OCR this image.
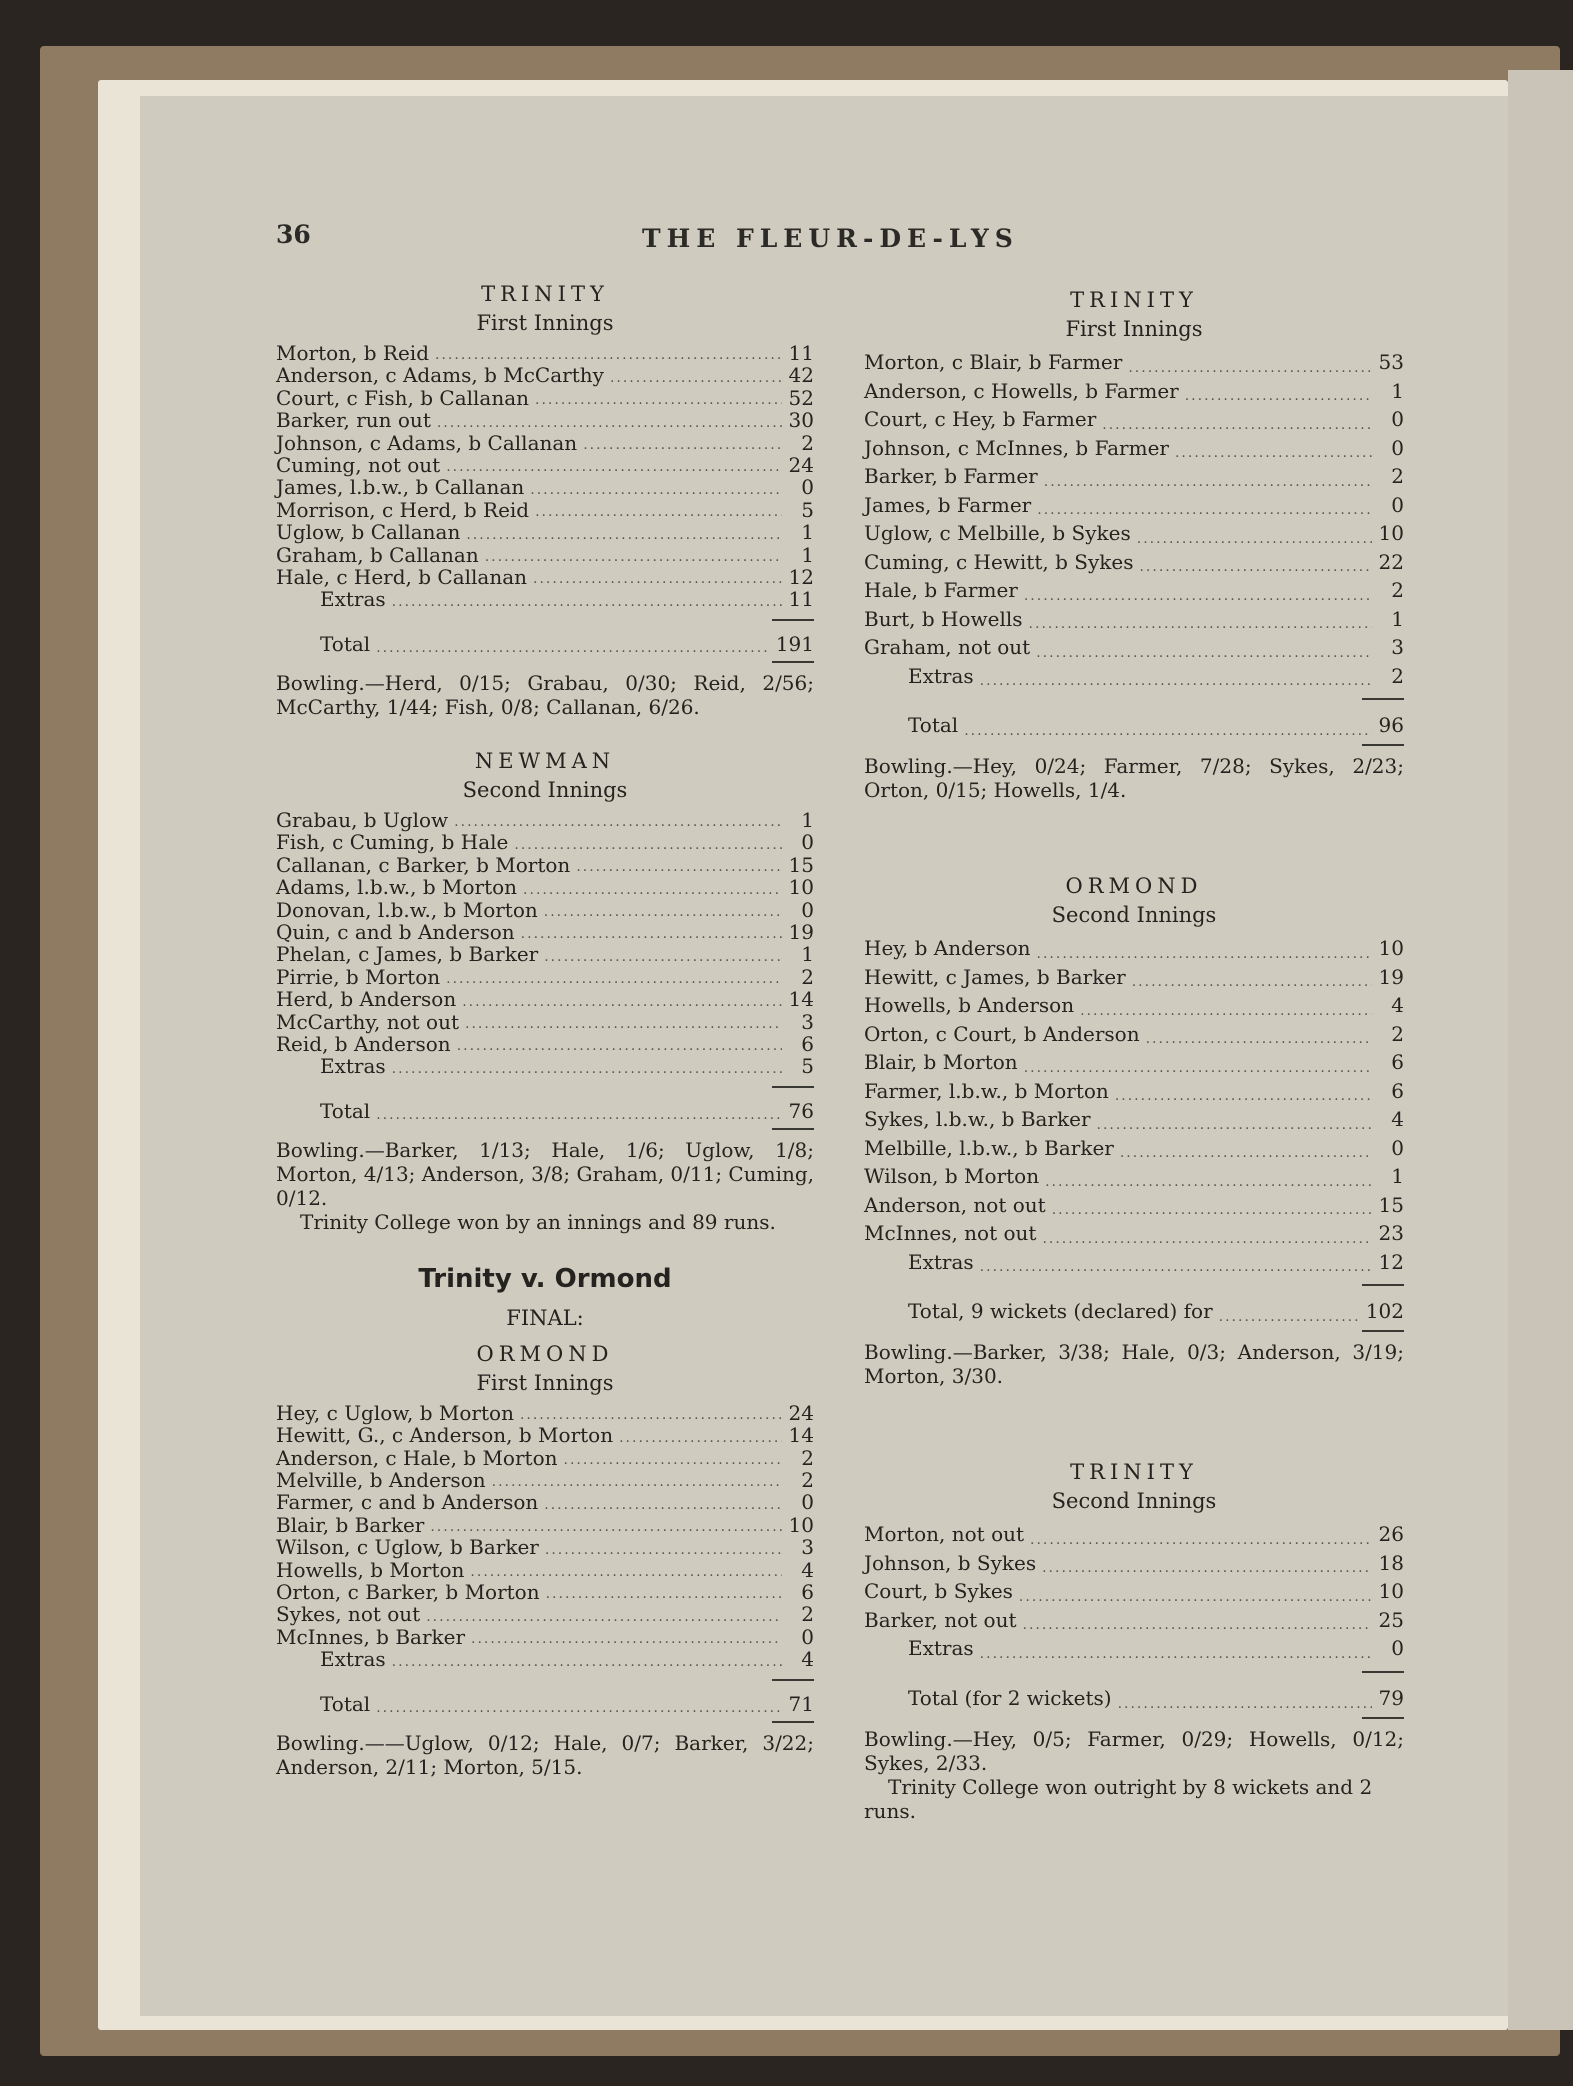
36	THE FLEUR-DE-LYS
TRINITY
First Innings
Morton, b Reid .....	11
Anderson, c Adams, b McCarthy .....	42
Court, c Fish, b Callanan .....	52
Barker, run out .....	30
Johnson, c Adams, b Callanan .....	2
Cuming, not out .....	24
James, l.b.w., b Callanan .....	0
Morrison, c Herd, b Reid .....	5
Uglow, b Callanan .....	1
Graham, b Callanan .....	1
Hale, c Herd, b Callanan .....	12
Extras .....	11
Total .....	191
Bowling.—Herd, 0/15; Grabau, 0/30; Reid, 2/56; McCarthy, 1/44; Fish, 0/8; Callanan, 6/26.
NEWMAN
Second Innings
Grabau, b Uglow .....	1
Fish, c Cuming, b Hale .....	0
Callanan, c Barker, b Morton .....	15
Adams, l.b.w., b Morton .....	10
Donovan, l.b.w., b Morton .....	0
Quin, c and b Anderson .....	19
Phelan, c James, b Barker .....	1
Pirrie, b Morton .....	2
Herd, b Anderson .....	14
McCarthy, not out .....	3
Reid, b Anderson .....	6
Extras .....	5
Total .....	76
Bowling.—Barker, 1/13; Hale, 1/6; Uglow, 1/8; Morton, 4/13; Anderson, 3/8; Graham, 0/11; Cuming, 0/12.
Trinity College won by an innings and 89 runs.
Trinity v. Ormond
FINAL:
ORMOND
First Innings
Hey, c Uglow, b Morton .....	24
Hewitt, G., c Anderson, b Morton .....	14
Anderson, c Hale, b Morton .....	2
Melville, b Anderson .....	2
Farmer, c and b Anderson .....	0
Blair, b Barker .....	10
Wilson, c Uglow, b Barker .....	3
Howells, b Morton .....	4
Orton, c Barker, b Morton .....	6
Sykes, not out .....	2
McInnes, b Barker .....	0
Extras .....	4
Total .....	71
Bowling.——Uglow, 0/12; Hale, 0/7; Barker, 3/22; Anderson, 2/11; Morton, 5/15.
TRINITY
First Innings
Morton, c Blair, b Farmer .....	53
Anderson, c Howells, b Farmer .....	1
Court, c Hey, b Farmer .....	0
Johnson, c McInnes, b Farmer .....	0
Barker, b Farmer .....	2
James, b Farmer .....	0
Uglow, c Melbille, b Sykes .....	10
Cuming, c Hewitt, b Sykes .....	22
Hale, b Farmer .....	2
Burt, b Howells .....	1
Graham, not out .....	3
Extras .....	2
Total .....	96
Bowling.—Hey, 0/24; Farmer, 7/28; Sykes, 2/23; Orton, 0/15; Howells, 1/4.
ORMOND
Second Innings
Hey, b Anderson .....	10
Hewitt, c James, b Barker .....	19
Howells, b Anderson .....	4
Orton, c Court, b Anderson .....	2
Blair, b Morton .....	6
Farmer, l.b.w., b Morton .....	6
Sykes, l.b.w., b Barker .....	4
Melbille, l.b.w., b Barker .....	0
Wilson, b Morton .....	1
Anderson, not out .....	15
McInnes, not out .....	23
Extras .....	12
Total, 9 wickets (declared) for .....	102
Bowling.—Barker, 3/38; Hale, 0/3; Anderson, 3/19; Morton, 3/30.
TRINITY
Second Innings
Morton, not out .....	26
Johnson, b Sykes .....	18
Court, b Sykes .....	10
Barker, not out .....	25
Extras .....	0
Total (for 2 wickets) .....	79
Bowling.—Hey, 0/5; Farmer, 0/29; Howells, 0/12; Sykes, 2/33.
Trinity College won outright by 8 wickets and 2 runs.
